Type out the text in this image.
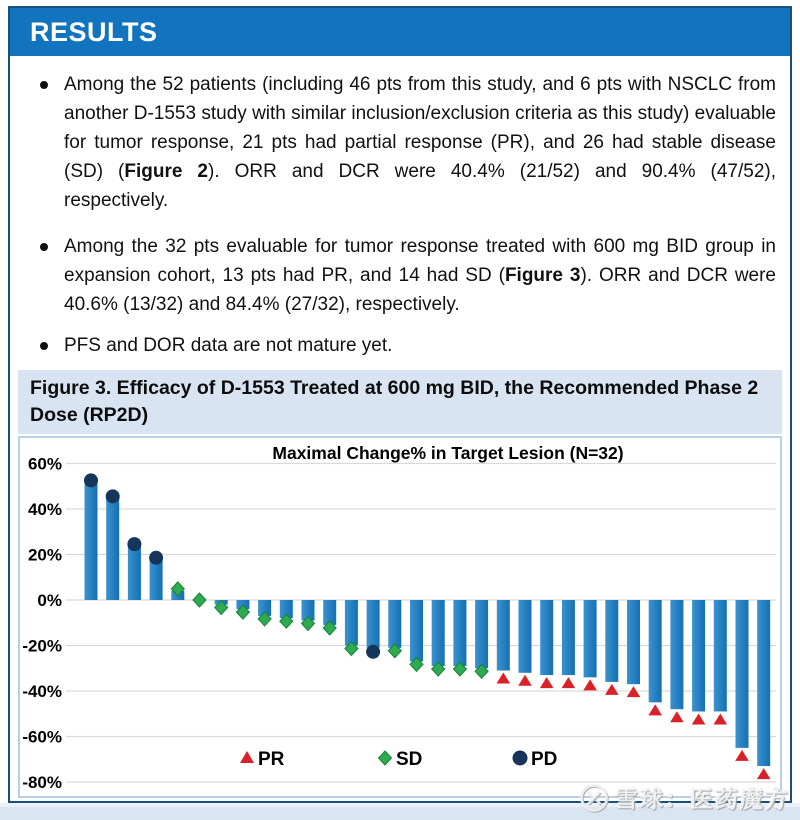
RESULTS
Among the 52 patients (including 46 pts from this study, and 6 pts with NSCLC from another D-1553 study with similar inclusion/exclusion criteria as this study) evaluable for tumor response, 21 pts had partial response (PR), and 26 had stable disease (SD) (Figure 2). ORR and DCR were 40.4% (21/52) and 90.4% (47/52), respectively.
Among the 32 pts evaluable for tumor response treated with 600 mg BID group in expansion cohort, 13 pts had PR, and 14 had SD (Figure 3). ORR and DCR were 40.6% (13/32) and 84.4% (27/32), respectively.
PFS and DOR data are not mature yet.
Figure 3. Efficacy of D-1553 Treated at 600 mg BID, the Recommended Phase 2 Dose (RP2D)
60%
40%
20%
0%
-20%
-40%
-60%
-80%
Maximal Change% in Target Lesion (N=32)
PR	SD	PD
雪球：医药魔方
